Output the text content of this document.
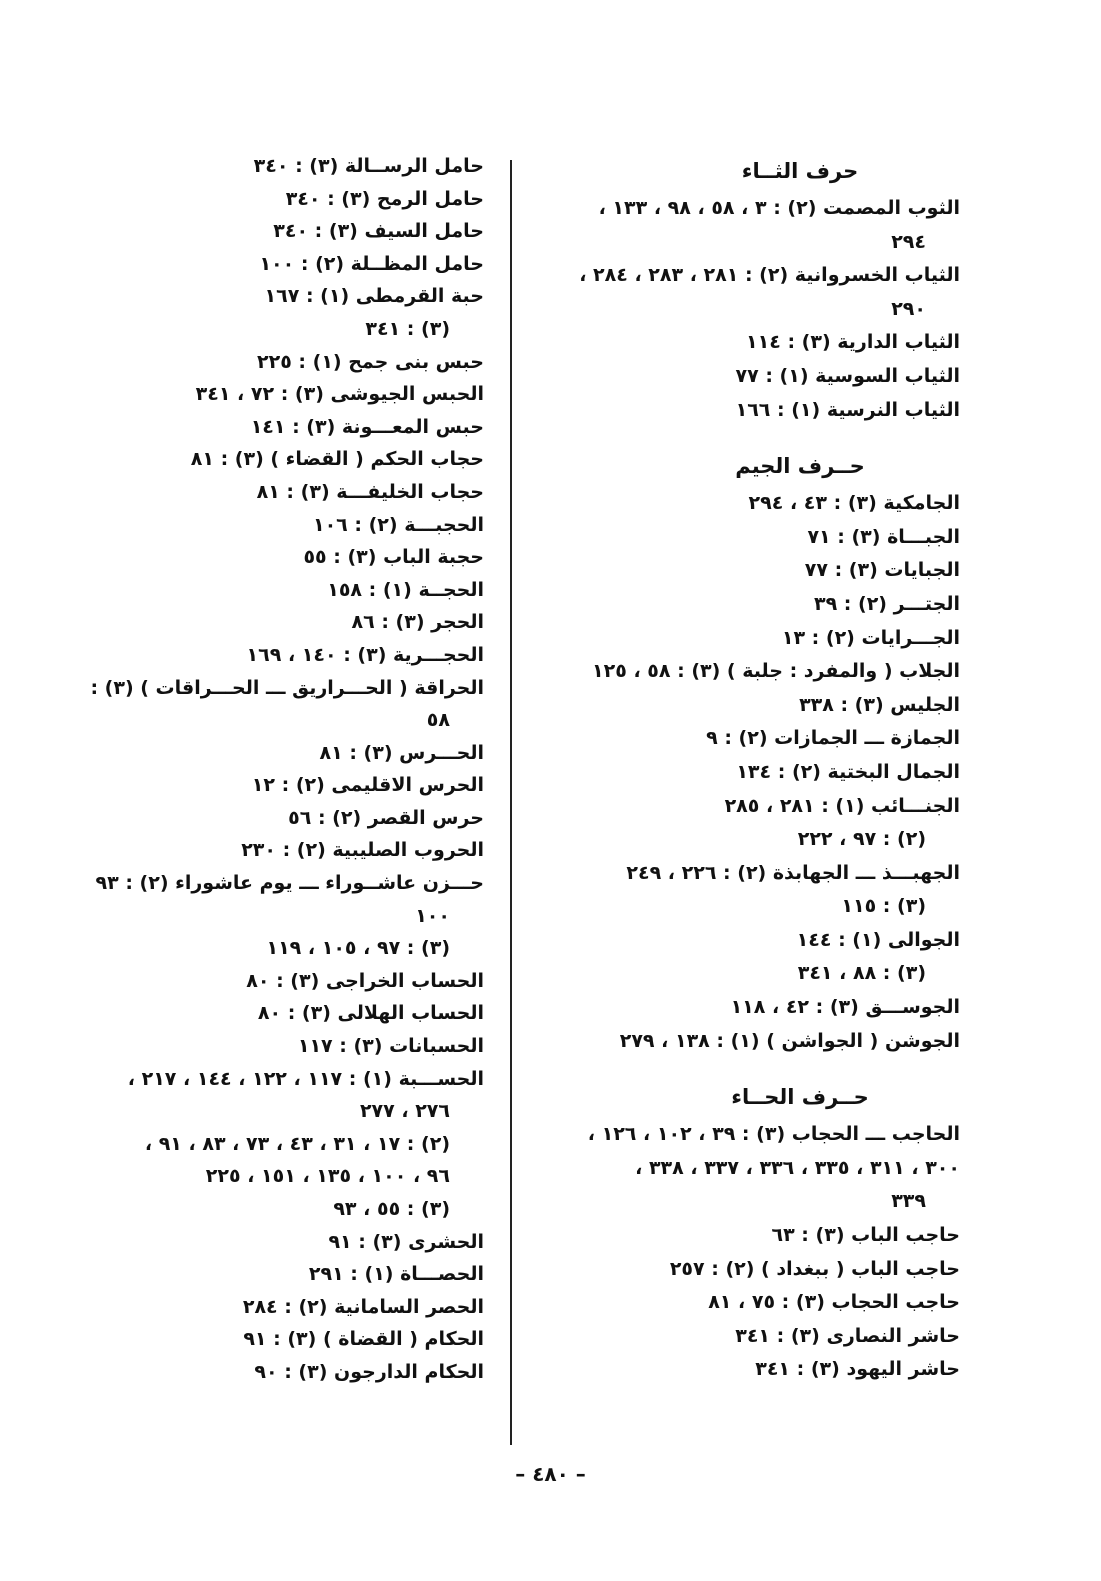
حرف الثــاء
الثوب المصمت (٢) : ٣ ، ٥٨ ، ٩٨ ، ١٣٣ ،
٢٩٤
الثياب الخسروانية (٢) : ٢٨١ ، ٢٨٣ ، ٢٨٤ ،
٢٩٠
الثياب الدارية (٣) : ١١٤
الثياب السوسية (١) : ٧٧
الثياب النرسية (١) : ١٦٦
حــرف الجيم
الجامكية (٣) : ٤٣ ، ٢٩٤
الجبـــاة (٣) : ٧١
الجبايات (٣) : ٧٧
الجتـــر (٢) : ٣٩
الجـــرايات (٢) : ١٣
الجلاب ( والمفرد : جلبة ) (٣) : ٥٨ ، ١٢٥
الجليس (٣) : ٣٣٨
الجمازة ـــ الجمازات (٢) : ٩
الجمال البختية (٢) : ١٣٤
الجنـــائب (١) : ٢٨١ ، ٢٨٥
(٢) : ٩٧ ، ٢٢٢
الجهبـــذ ـــ الجهابذة (٢) : ٢٢٦ ، ٢٤٩
(٣) : ١١٥
الجوالى (١) : ١٤٤
(٣) : ٨٨ ، ٣٤١
الجوســـق (٣) : ٤٢ ، ١١٨
الجوشن ( الجواشن ) (١) : ١٣٨ ، ٢٧٩
حــرف الحــاء
الحاجب ـــ الحجاب (٣) : ٣٩ ، ١٠٢ ، ١٢٦ ،
٣٠٠ ، ٣١١ ، ٣٣٥ ، ٣٣٦ ، ٣٣٧ ، ٣٣٨ ،
٣٣٩
حاجب الباب (٣) : ٦٣
حاجب الباب ( ببغداد ) (٢) : ٢٥٧
حاجب الحجاب (٣) : ٧٥ ، ٨١
حاشر النصارى (٣) : ٣٤١
حاشر اليهود (٣) : ٣٤١
حامل الرســالة (٣) : ٣٤٠
حامل الرمح (٣) : ٣٤٠
حامل السيف (٣) : ٣٤٠
حامل المظــلة (٢) : ١٠٠
حبة القرمطى (١) : ١٦٧
(٣) : ٣٤١
حبس بنى جمح (١) : ٢٢٥
الحبس الجيوشى (٣) : ٧٢ ، ٣٤١
حبس المعـــونة (٣) : ١٤١
حجاب الحكم ( القضاء ) (٣) : ٨١
حجاب الخليفـــة (٣) : ٨١
الحجبـــة (٢) : ١٠٦
حجبة الباب (٣) : ٥٥
الحجــة (١) : ١٥٨
الحجر (٣) : ٨٦
الحجـــرية (٣) : ١٤٠ ، ١٦٩
الحراقة ( الحـــراريق ـــ الحـــراقات ) (٣) :
٥٨
الحـــرس (٣) : ٨١
الحرس الاقليمى (٢) : ١٢
حرس القصر (٢) : ٥٦
الحروب الصليبية (٢) : ٢٣٠
حـــزن عاشــوراء ـــ يوم عاشوراء (٢) : ٩٣
١٠٠
(٣) : ٩٧ ، ١٠٥ ، ١١٩
الحساب الخراجى (٣) : ٨٠
الحساب الهلالى (٣) : ٨٠
الحسبانات (٣) : ١١٧
الحســـبة (١) : ١١٧ ، ١٢٢ ، ١٤٤ ، ٢١٧ ،
٢٧٦ ، ٢٧٧
(٢) : ١٧ ، ٣١ ، ٤٣ ، ٧٣ ، ٨٣ ، ٩١ ،
٩٦ ، ١٠٠ ، ١٣٥ ، ١٥١ ، ٢٢٥
(٣) : ٥٥ ، ٩٣
الحشرى (٣) : ٩١
الحصـــاة (١) : ٢٩١
الحصر السامانية (٢) : ٢٨٤
الحكام ( القضاة ) (٣) : ٩١
الحكام الدارجون (٣) : ٩٠
– ٤٨٠ –
